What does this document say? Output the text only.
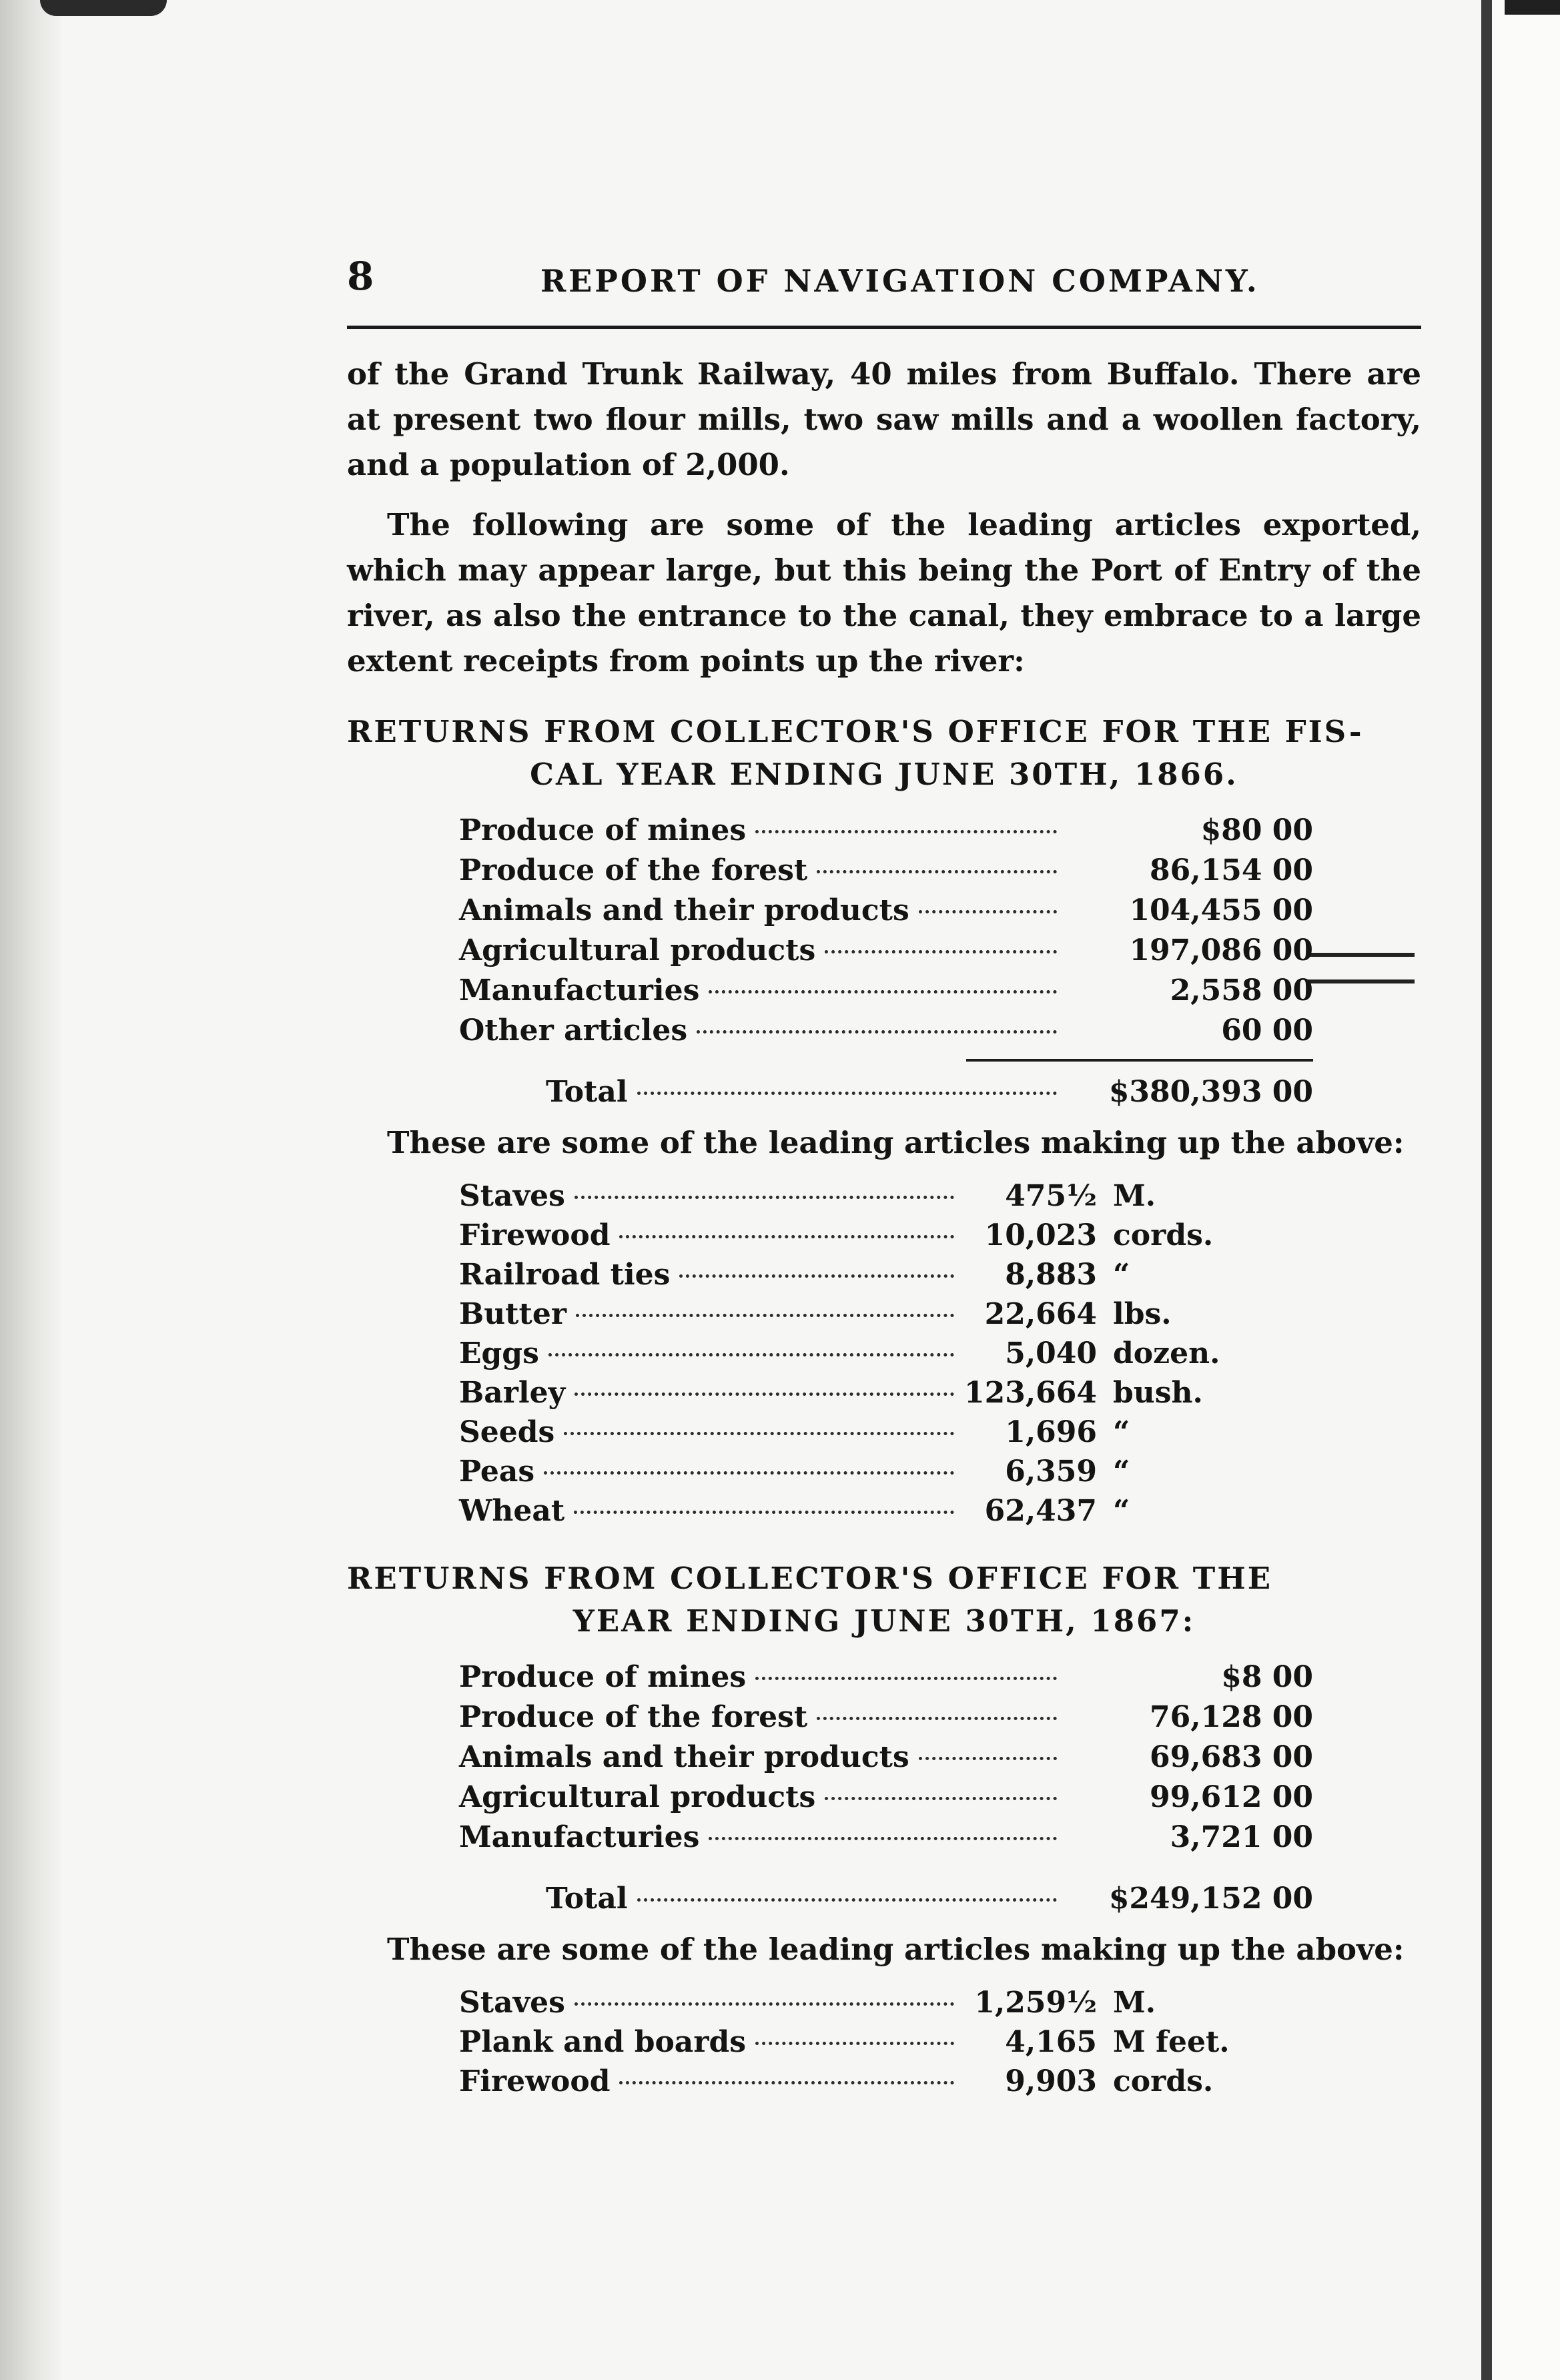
8	REPORT OF NAVIGATION COMPANY.

of the Grand Trunk Railway, 40 miles from Buffalo. There are at present two flour mills, two saw mills and a woollen factory, and a population of 2,000.

The following are some of the leading articles exported, which may appear large, but this being the Port of Entry of the river, as also the entrance to the canal, they embrace to a large extent receipts from points up the river:

RETURNS FROM COLLECTOR'S OFFICE FOR THE FIS-
CAL YEAR ENDING JUNE 30TH, 1866.
Produce of mines	$80 00
Produce of the forest	86,154 00
Animals and their products	104,455 00
Agricultural products	197,086 00
Manufacturies	2,558 00
Other articles	60 00
Total	$380,393 00
These are some of the leading articles making up the above:
Staves	475½ M.
Firewood	10,023 cords.
Railroad ties	8,883 “
Butter	22,664 lbs.
Eggs	5,040 dozen.
Barley	123,664 bush.
Seeds	1,696 “
Peas	6,359 “
Wheat	62,437 “
RETURNS FROM COLLECTOR'S OFFICE FOR THE
YEAR ENDING JUNE 30TH, 1867:
Produce of mines	$8 00
Produce of the forest	76,128 00
Animals and their products	69,683 00
Agricultural products	99,612 00
Manufacturies	3,721 00
Total	$249,152 00
These are some of the leading articles making up the above:
Staves	1,259½ M.
Plank and boards	4,165 M feet.
Firewood	9,903 cords.
